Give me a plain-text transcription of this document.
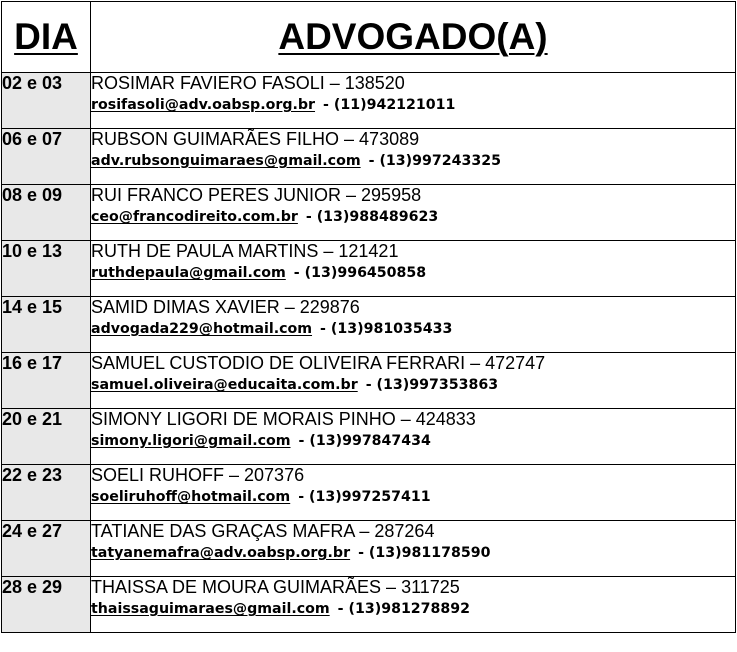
DIA	ADVOGADO(A)
02 e 03	ROSIMAR FAVIERO FASOLI – 138520
rosifasoli@adv.oabsp.org.br - (11)942121011

06 e 07	RUBSON GUIMARÃES FILHO – 473089
adv.rubsonguimaraes@gmail.com - (13)997243325

08 e 09	RUI FRANCO PERES JUNIOR – 295958
ceo@francodireito.com.br - (13)988489623

10 e 13	RUTH DE PAULA MARTINS – 121421
ruthdepaula@gmail.com - (13)996450858

14 e 15	SAMID DIMAS XAVIER – 229876
advogada229@hotmail.com - (13)981035433

16 e 17	SAMUEL CUSTODIO DE OLIVEIRA FERRARI – 472747
samuel.oliveira@educaita.com.br - (13)997353863

20 e 21	SIMONY LIGORI DE MORAIS PINHO – 424833
simony.ligori@gmail.com - (13)997847434

22 e 23	SOELI RUHOFF – 207376
soeliruhoff@hotmail.com - (13)997257411

24 e 27	TATIANE DAS GRAÇAS MAFRA – 287264
tatyanemafra@adv.oabsp.org.br - (13)981178590

28 e 29	THAISSA DE MOURA GUIMARÃES – 311725
thaissaguimaraes@gmail.com - (13)981278892
